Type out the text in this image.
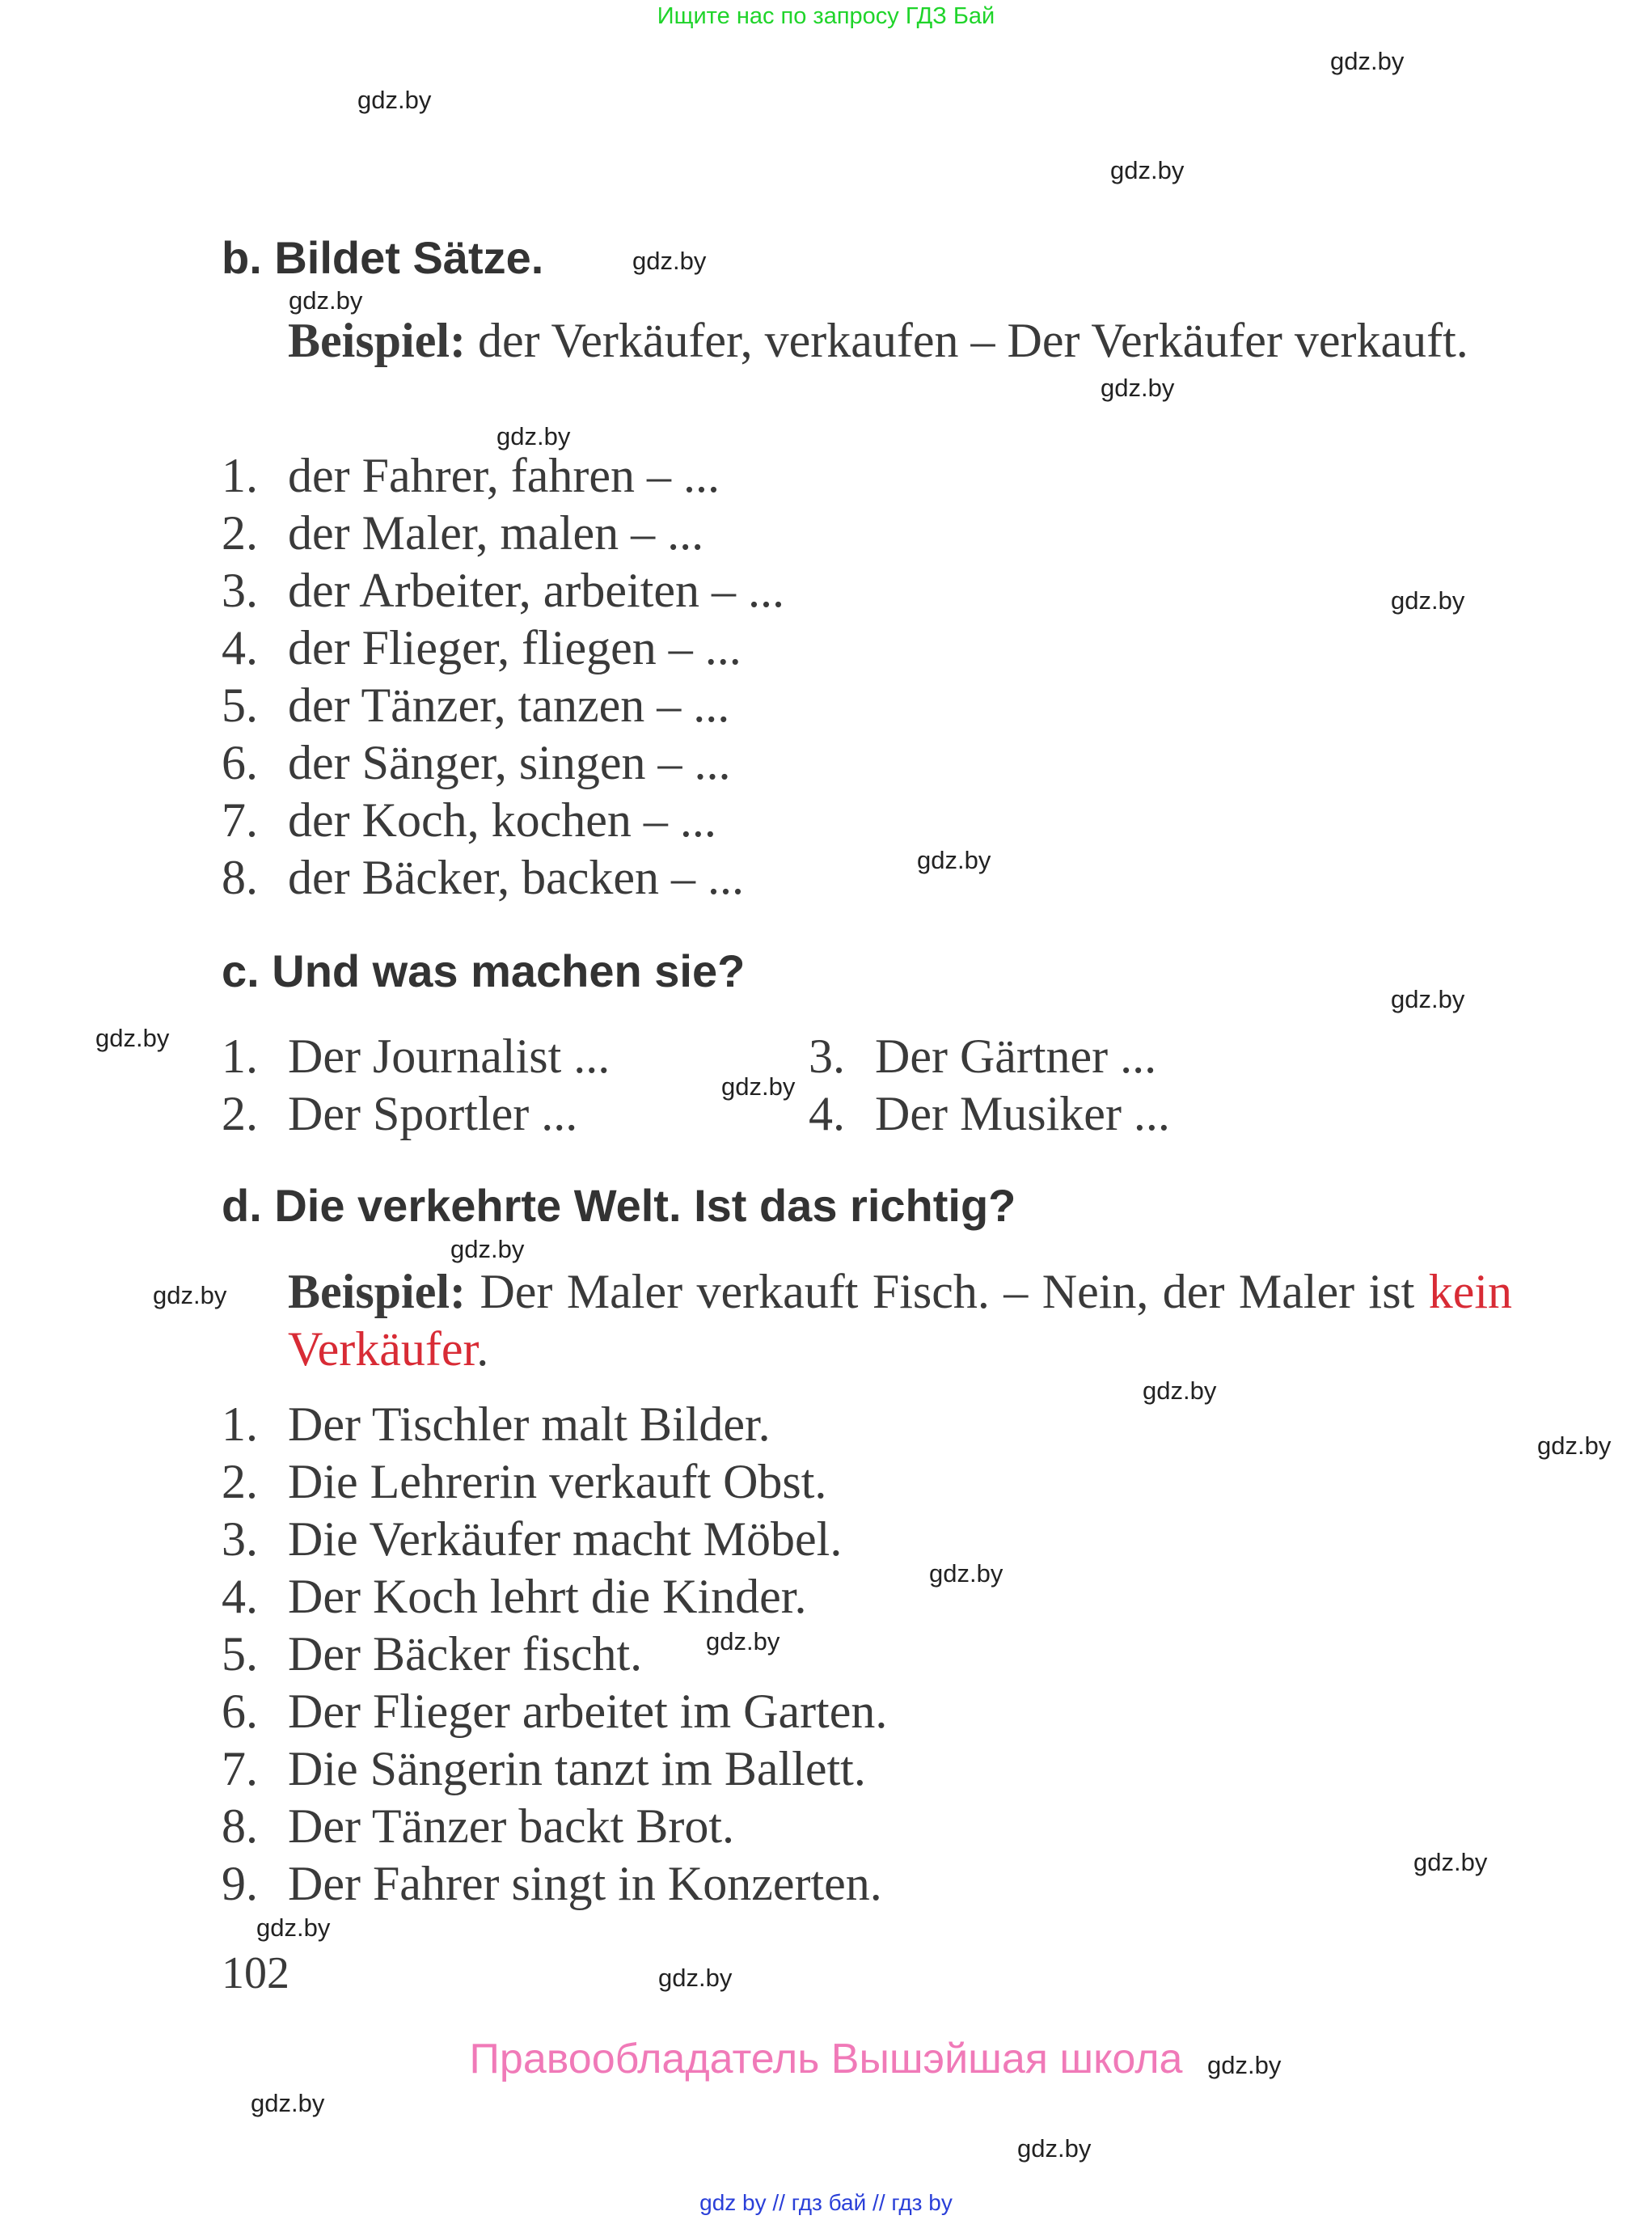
Ищите нас по запросу ГДЗ Бай
b. Bildet Sätze.
Beispiel: der Verkäufer, verkaufen – Der Verkäufer verkauft.
1. der Fahrer, fahren – ...
2. der Maler, malen – ...
3. der Arbeiter, arbeiten – ...
4. der Flieger, fliegen – ...
5. der Tänzer, tanzen – ...
6. der Sänger, singen – ...
7. der Koch, kochen – ...
8. der Bäcker, backen – ...
c. Und was machen sie?
1. Der Journalist ...
2. Der Sportler ...
3. Der Gärtner ...
4. Der Musiker ...
d. Die verkehrte Welt. Ist das richtig?
Beispiel: Der Maler verkauft Fisch. – Nein, der Maler ist kein Verkäufer.
1. Der Tischler malt Bilder.
2. Die Lehrerin verkauft Obst.
3. Die Verkäufer macht Möbel.
4. Der Koch lehrt die Kinder.
5. Der Bäcker fischt.
6. Der Flieger arbeitet im Garten.
7. Die Sängerin tanzt im Ballett.
8. Der Tänzer backt Brot.
9. Der Fahrer singt in Konzerten.
102
Правообладатель Вышэйшая школа
gdz by // гдз бай // гдз by
gdz.by
gdz.by
gdz.by
gdz.by
gdz.by
gdz.by
gdz.by
gdz.by
gdz.by
gdz.by
gdz.by
gdz.by
gdz.by
gdz.by
gdz.by
gdz.by
gdz.by
gdz.by
gdz.by
gdz.by
gdz.by
gdz.by
gdz.by
gdz.by
